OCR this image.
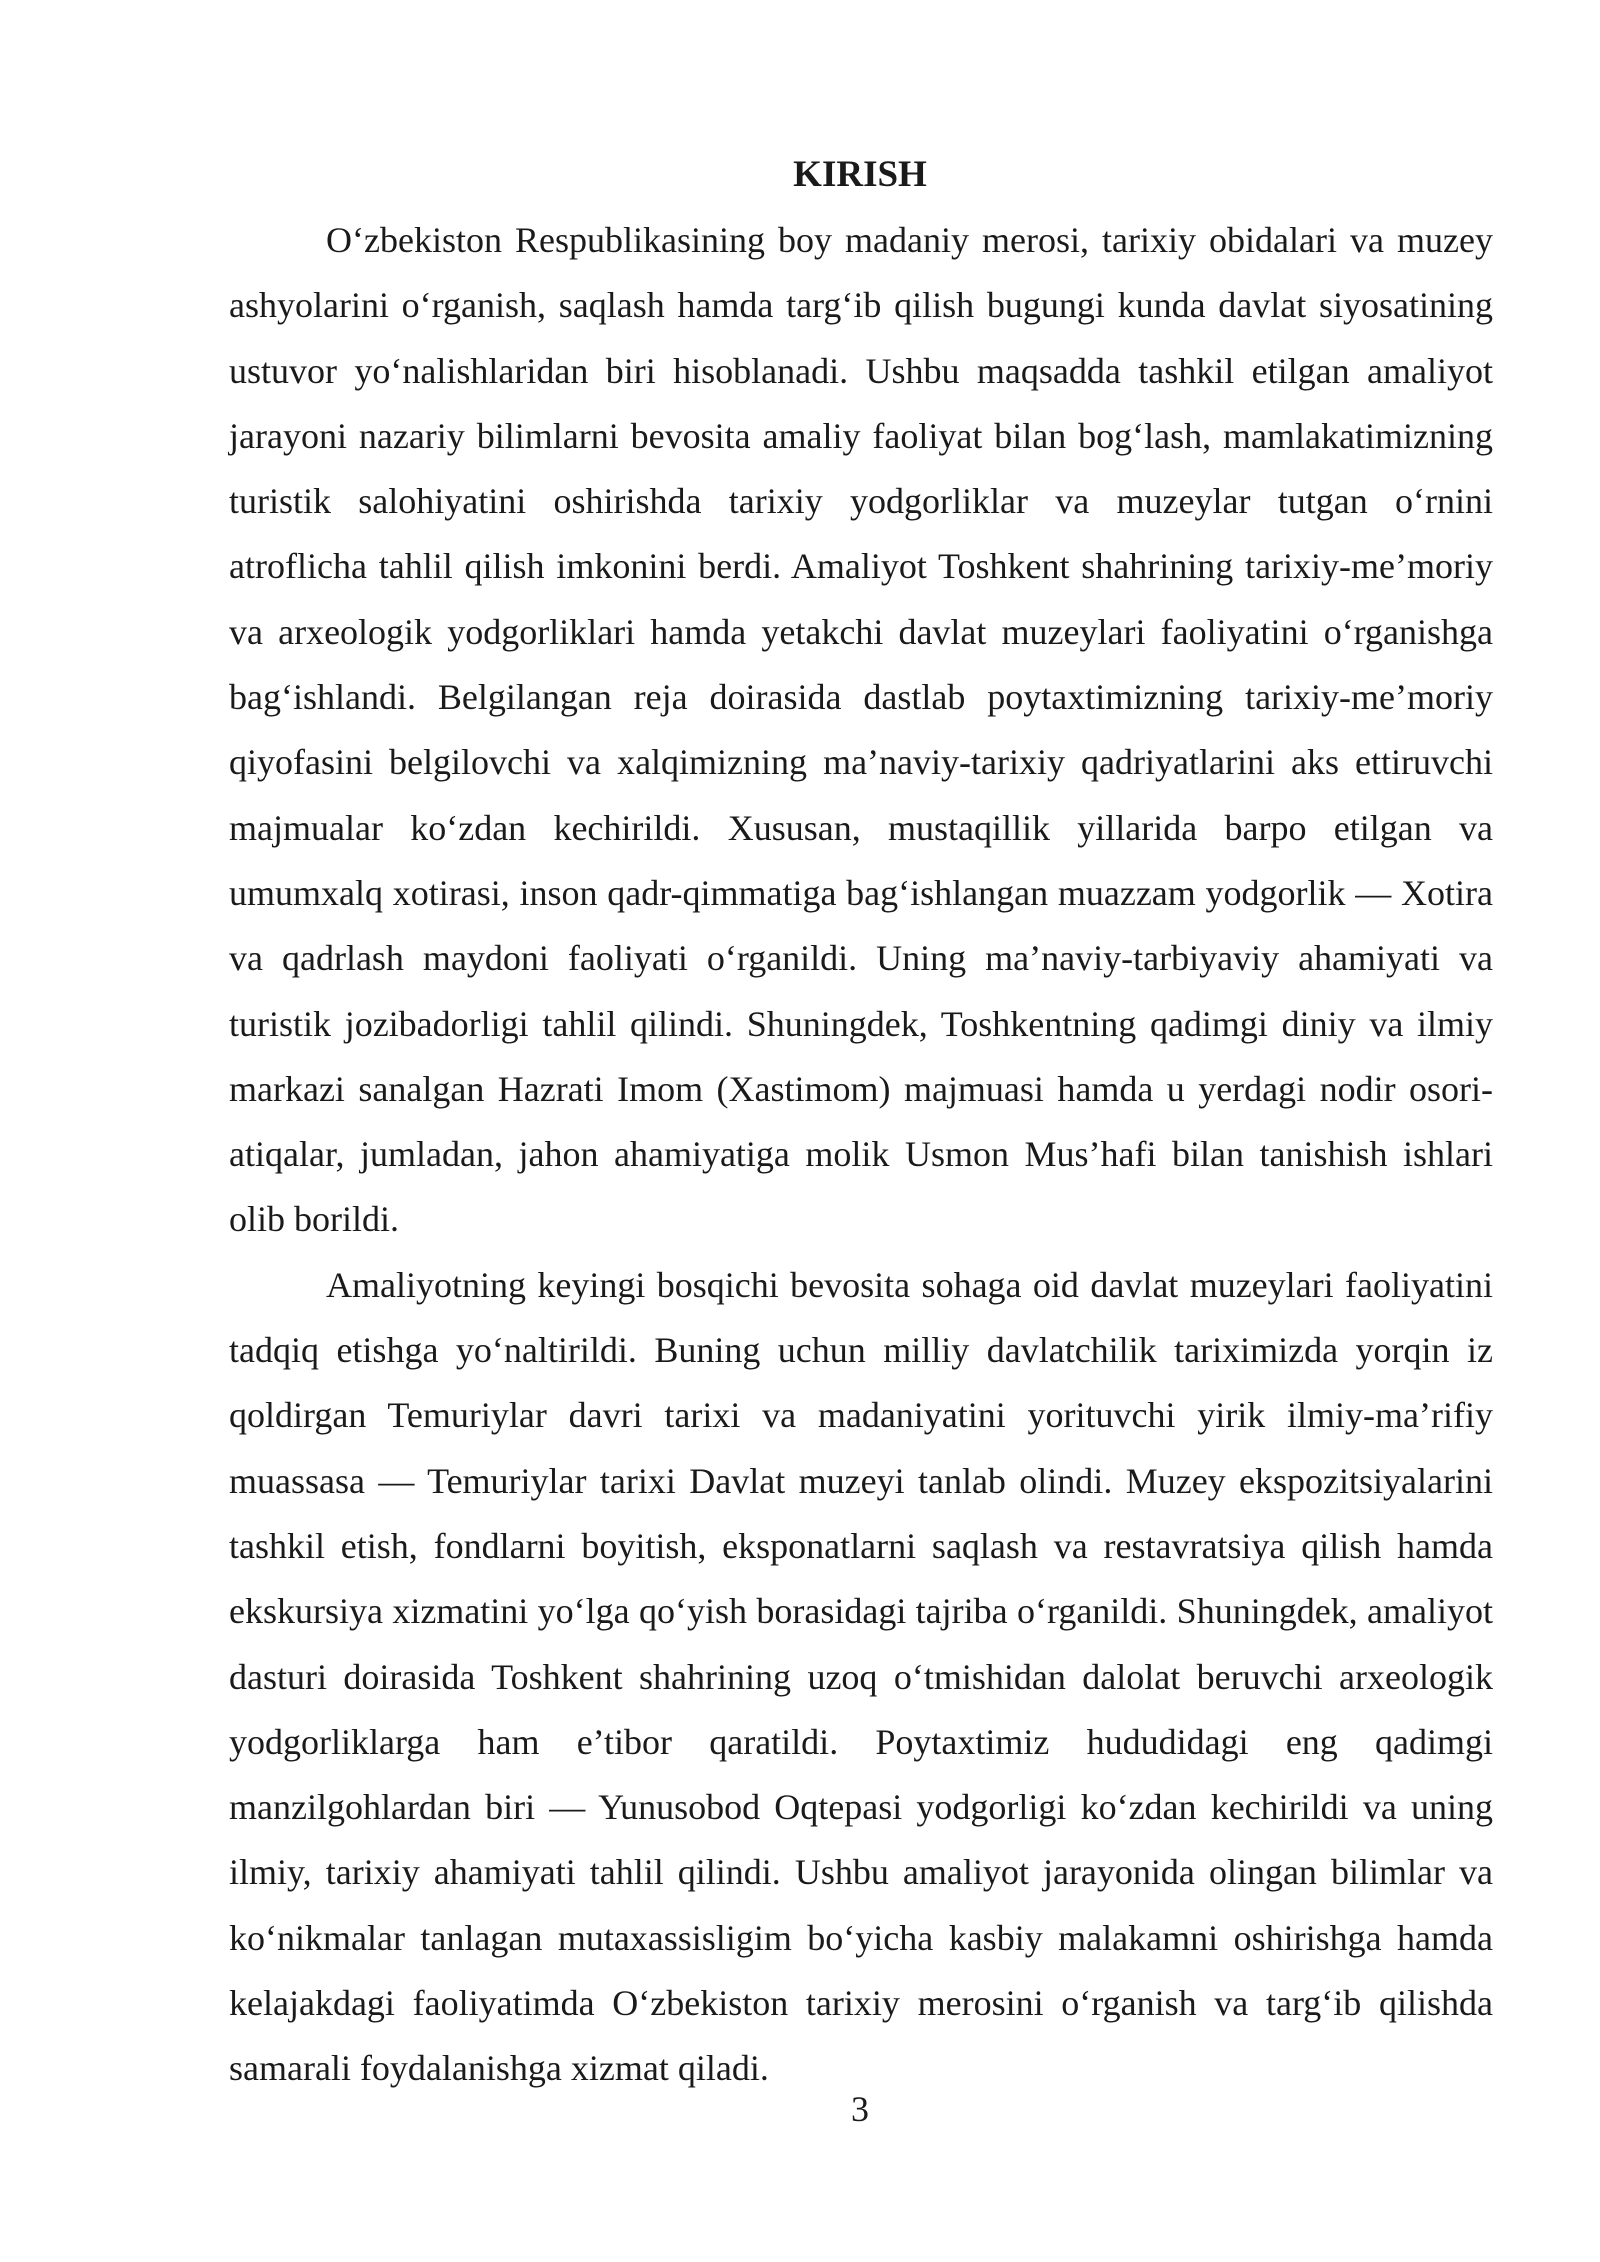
KIRISH

O‘zbekiston Respublikasining boy madaniy merosi, tarixiy obidalari va muzey ashyolarini o‘rganish, saqlash hamda targ‘ib qilish bugungi kunda davlat siyosatining ustuvor yo‘nalishlaridan biri hisoblanadi. Ushbu maqsadda tashkil etilgan amaliyot jarayoni nazariy bilimlarni bevosita amaliy faoliyat bilan bog‘lash, mamlakatimizning turistik salohiyatini oshirishda tarixiy yodgorliklar va muzeylar tutgan o‘rnini atroflicha tahlil qilish imkonini berdi. Amaliyot Toshkent shahrining tarixiy-me’moriy va arxeologik yodgorliklari hamda yetakchi davlat muzeylari faoliyatini o‘rganishga bag‘ishlandi. Belgilangan reja doirasida dastlab poytaxtimizning tarixiy-me’moriy qiyofasini belgilovchi va xalqimizning ma’naviy-tarixiy qadriyatlarini aks ettiruvchi majmualar ko‘zdan kechirildi. Xususan, mustaqillik yillarida barpo etilgan va umumxalq xotirasi, inson qadr-qimmatiga bag‘ishlangan muazzam yodgorlik — Xotira va qadrlash maydoni faoliyati o‘rganildi. Uning ma’naviy-tarbiyaviy ahamiyati va turistik jozibadorligi tahlil qilindi. Shuningdek, Toshkentning qadimgi diniy va ilmiy markazi sanalgan Hazrati Imom (Xastimom) majmuasi hamda u yerdagi nodir osori-atiqalar, jumladan, jahon ahamiyatiga molik Usmon Mus’hafi bilan tanishish ishlari olib borildi.

Amaliyotning keyingi bosqichi bevosita sohaga oid davlat muzeylari faoliyatini tadqiq etishga yo‘naltirildi. Buning uchun milliy davlatchilik tariximizda yorqin iz qoldirgan Temuriylar davri tarixi va madaniyatini yorituvchi yirik ilmiy-ma’rifiy muassasa — Temuriylar tarixi Davlat muzeyi tanlab olindi. Muzey ekspozitsiyalarini tashkil etish, fondlarni boyitish, eksponatlarni saqlash va restavratsiya qilish hamda ekskursiya xizmatini yo‘lga qo‘yish borasidagi tajriba o‘rganildi. Shuningdek, amaliyot dasturi doirasida Toshkent shahrining uzoq o‘tmishidan dalolat beruvchi arxeologik yodgorliklarga ham e’tibor qaratildi. Poytaxtimiz hududidagi eng qadimgi manzilgohlardan biri — Yunusobod Oqtepasi yodgorligi ko‘zdan kechirildi va uning ilmiy, tarixiy ahamiyati tahlil qilindi. Ushbu amaliyot jarayonida olingan bilimlar va ko‘nikmalar tanlagan mutaxassisligim bo‘yicha kasbiy malakamni oshirishga hamda kelajakdagi faoliyatimda O‘zbekiston tarixiy merosini o‘rganish va targ‘ib qilishda samarali foydalanishga xizmat qiladi.

3
